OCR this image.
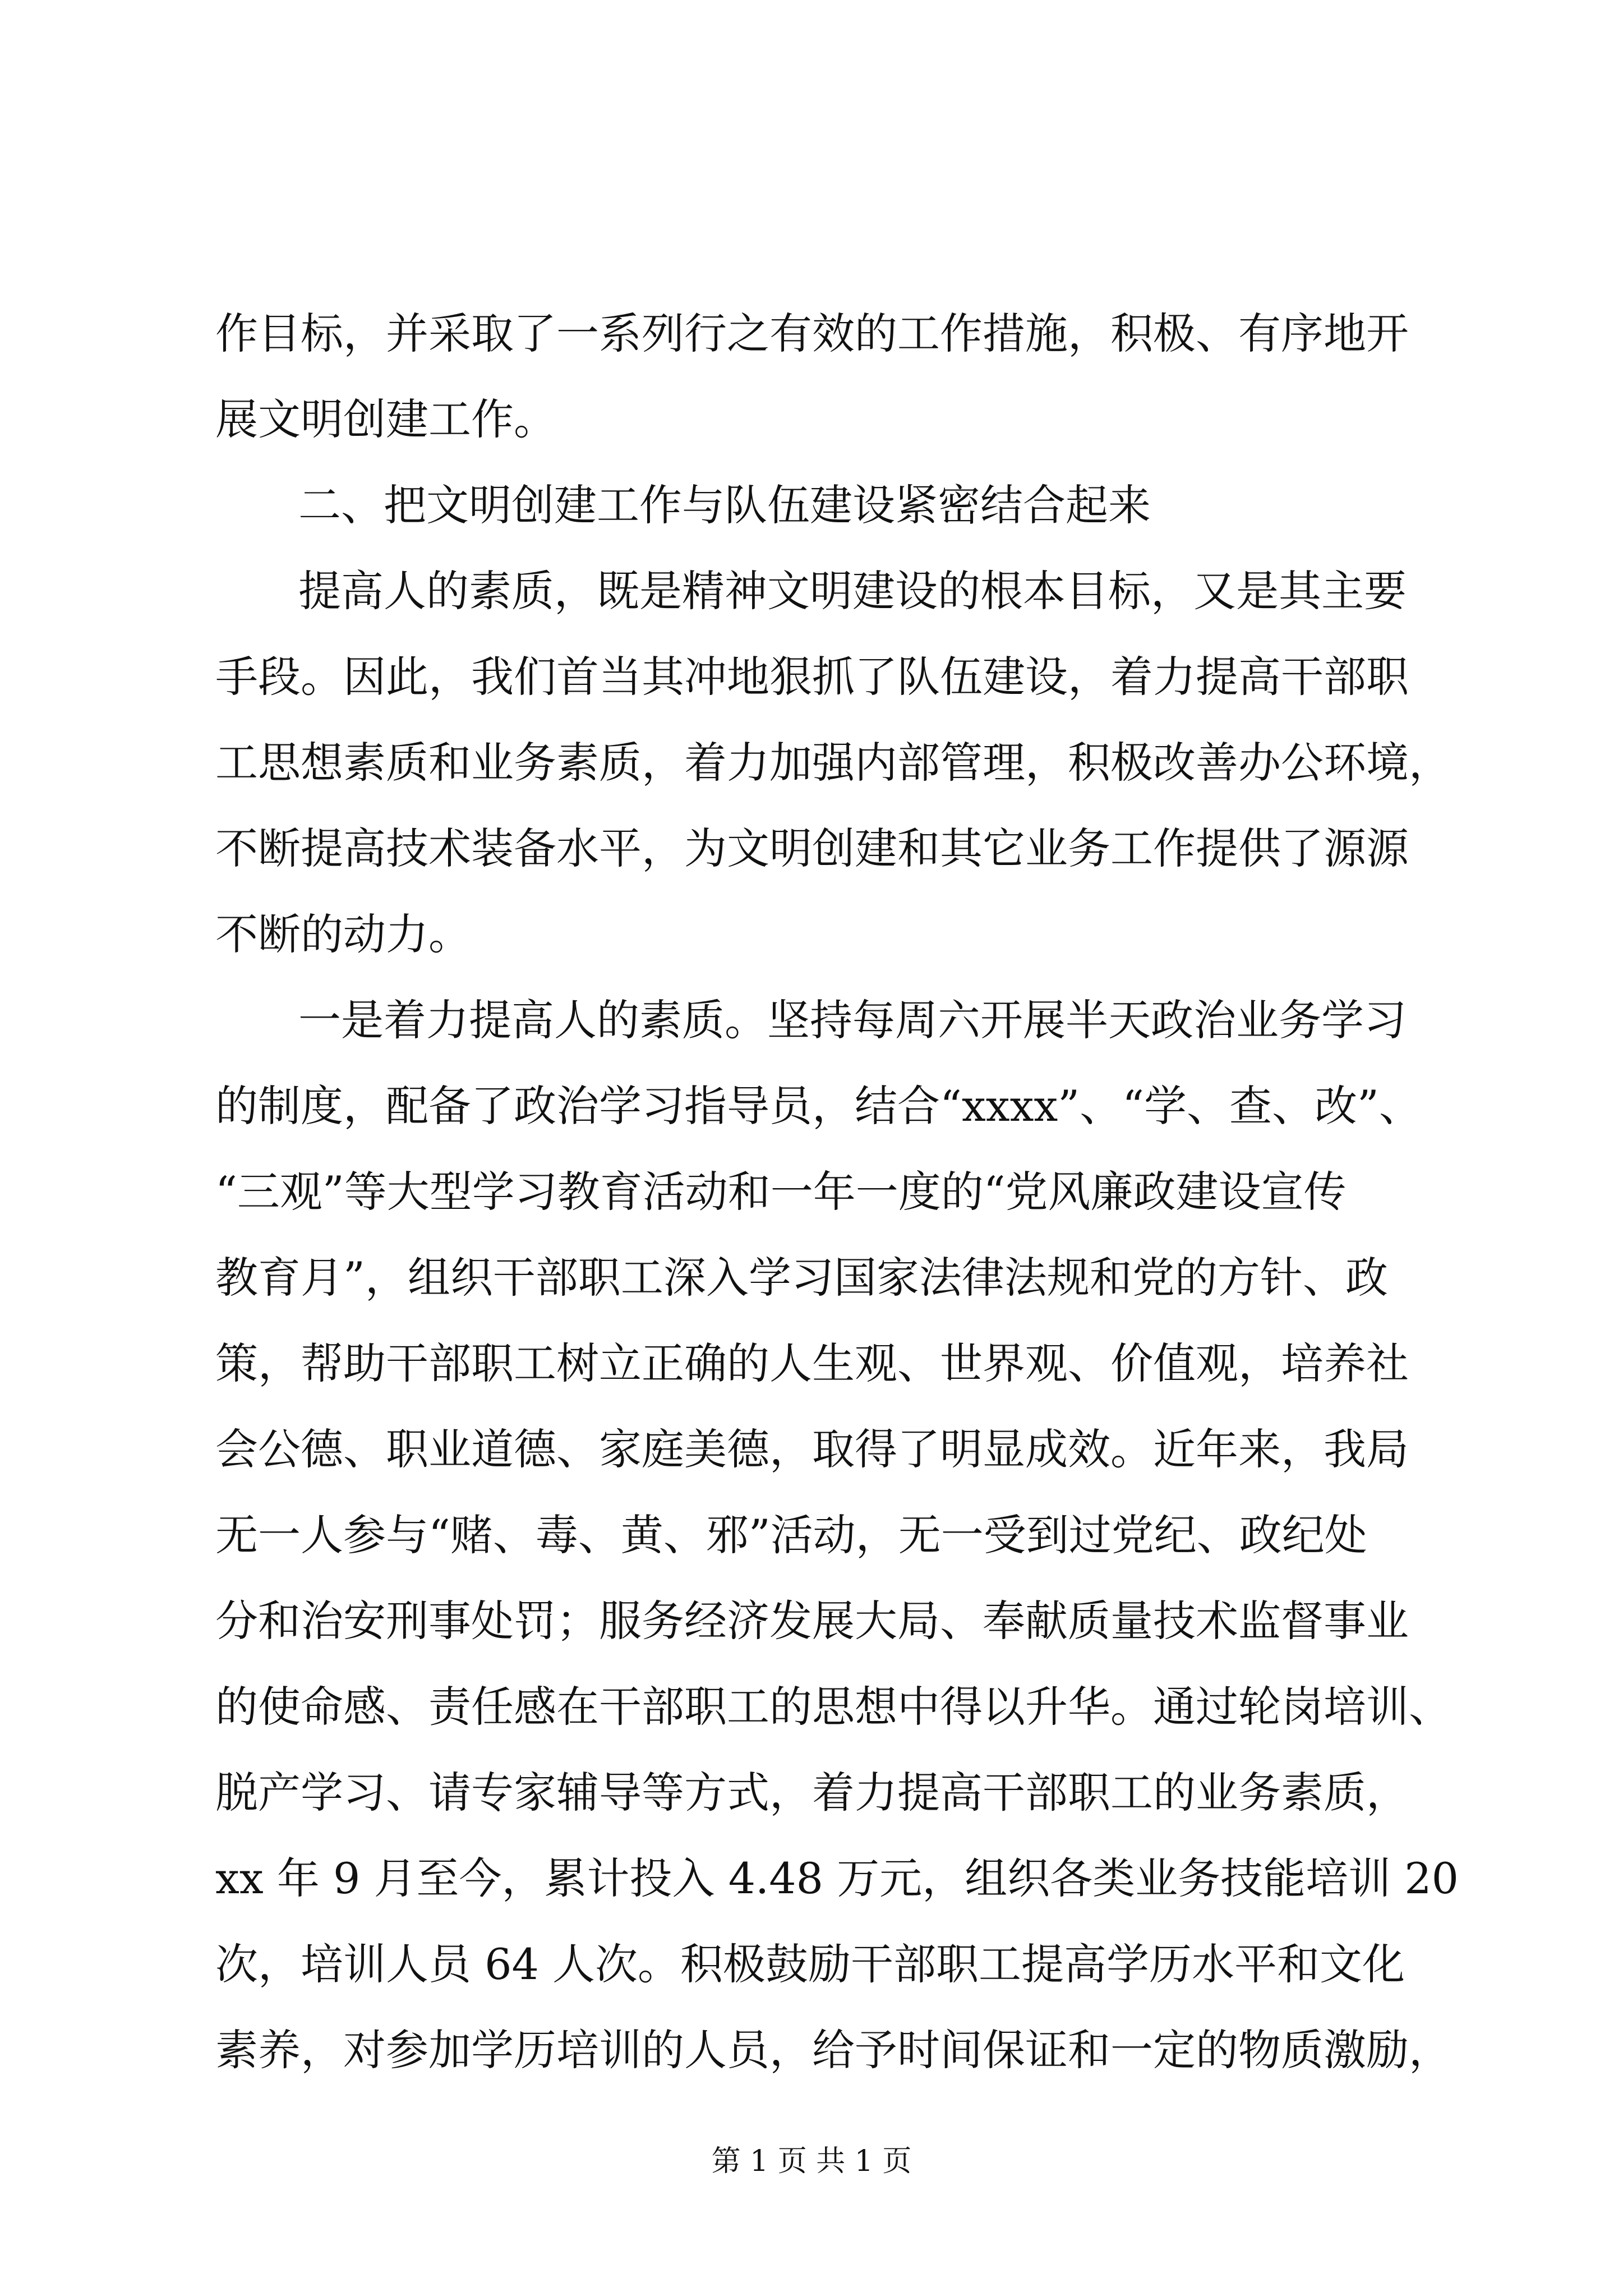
作目标，并采取了一系列行之有效的工作措施，积极、有序地开
展文明创建工作。
二、把文明创建工作与队伍建设紧密结合起来
提高人的素质，既是精神文明建设的根本目标，又是其主要
手段。因此，我们首当其冲地狠抓了队伍建设，着力提高干部职
工思想素质和业务素质，着力加强内部管理，积极改善办公环境，
不断提高技术装备水平，为文明创建和其它业务工作提供了源源
不断的动力。
一是着力提高人的素质。坚持每周六开展半天政治业务学习
的制度，配备了政治学习指导员，结合“xxxx”、“学、查、改”、
“三观”等大型学习教育活动和一年一度的“党风廉政建设宣传
教育月”，组织干部职工深入学习国家法律法规和党的方针、政
策，帮助干部职工树立正确的人生观、世界观、价值观，培养社
会公德、职业道德、家庭美德，取得了明显成效。近年来，我局
无一人参与“赌、毒、黄、邪”活动，无一受到过党纪、政纪处
分和治安刑事处罚；服务经济发展大局、奉献质量技术监督事业
的使命感、责任感在干部职工的思想中得以升华。通过轮岗培训、
脱产学习、请专家辅导等方式，着力提高干部职工的业务素质，
xx 年 9 月至今，累计投入 4.48 万元，组织各类业务技能培训 20
次，培训人员 64 人次。积极鼓励干部职工提高学历水平和文化
素养，对参加学历培训的人员，给予时间保证和一定的物质激励，
第 1 页 共 1 页
